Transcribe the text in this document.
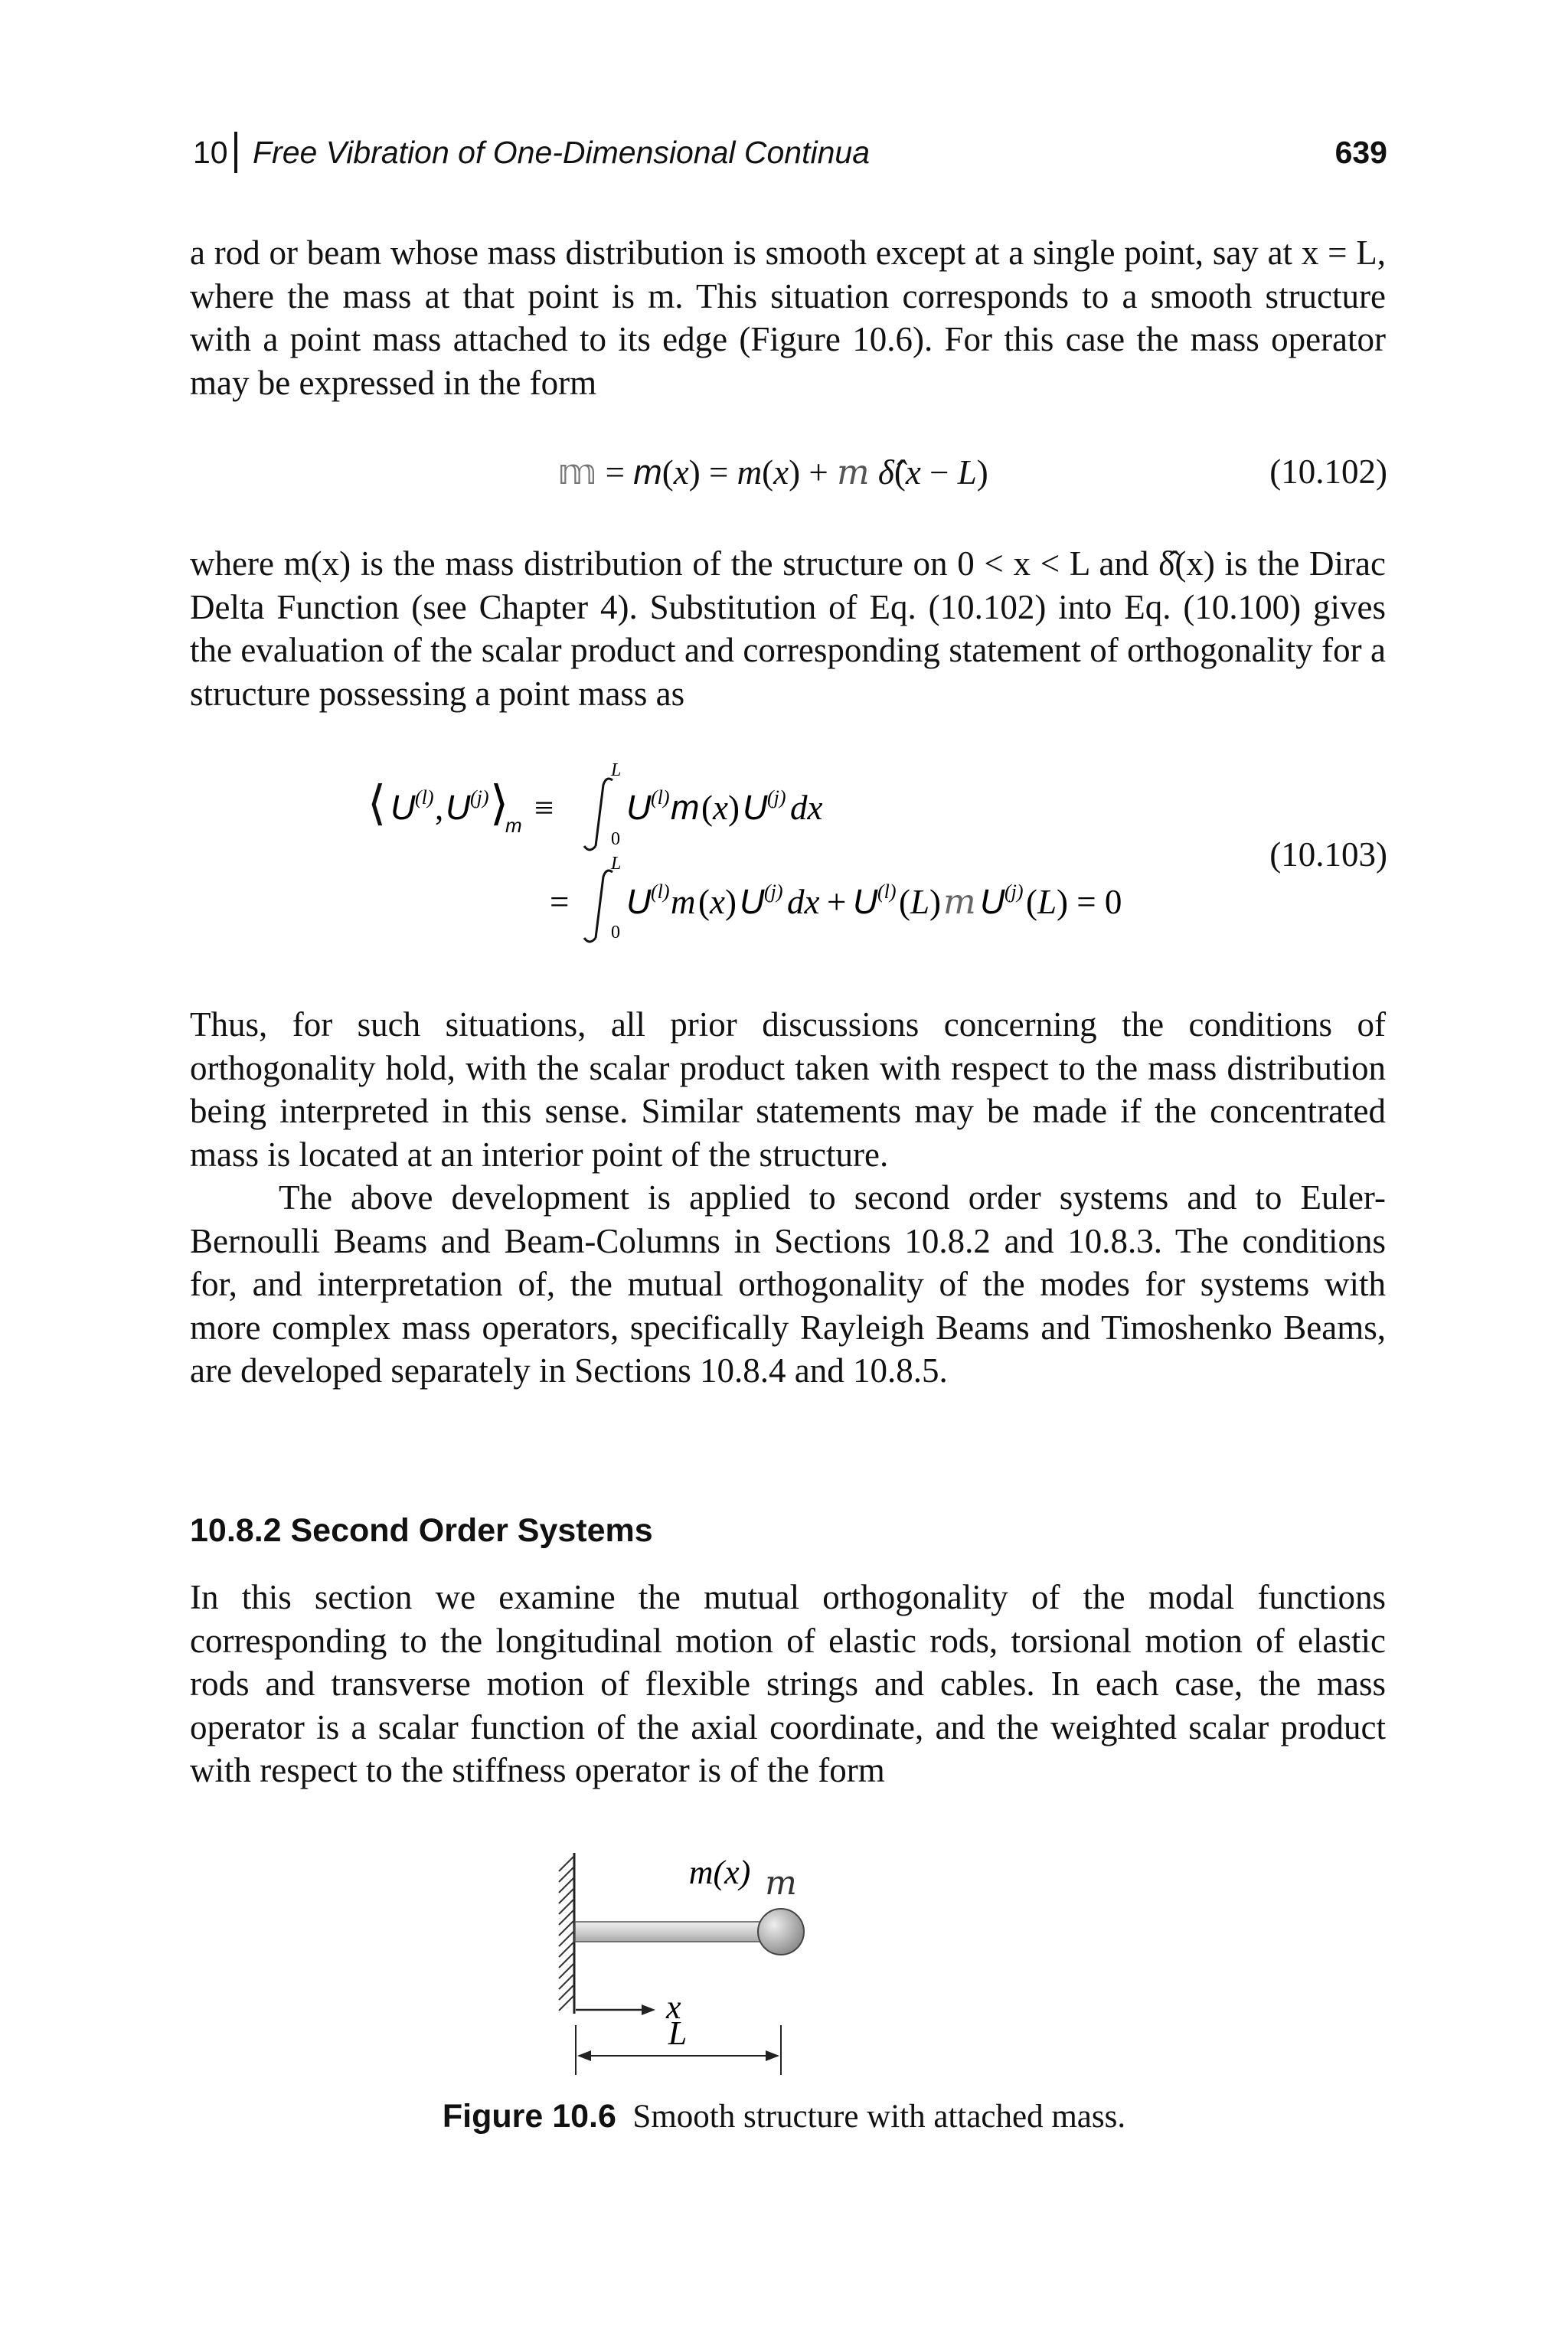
10 Free Vibration of One-Dimensional Continua	639

a rod or beam whose mass distribution is smooth except at a single point, say at x = L, where the mass at that point is m. This situation corresponds to a smooth structure with a point mass attached to its edge (Figure 10.6). For this case the mass operator may be expressed in the form

𝕞 = m(x) = m(x) + m δ̂(x − L)	(10.102)

where m(x) is the mass distribution of the structure on 0 < x < L and δ̂(x) is the Dirac Delta Function (see Chapter 4). Substitution of Eq. (10.102) into Eq. (10.100) gives the evaluation of the scalar product and corresponding statement of orthogonality for a structure possessing a point mass as

⟨ U (l) , U (j) ⟩
m ≡
L
0
U (l) m (x) U (j) dx
L
0
= U (l) m (x) U (j) dx + U (l) (L) m U (j) (L) = 0
(10.103)

Thus, for such situations, all prior discussions concerning the conditions of orthogonality hold, with the scalar product taken with respect to the mass distribution being interpreted in this sense. Similar statements may be made if the concentrated mass is located at an interior point of the structure.

The above development is applied to second order systems and to Euler-Bernoulli Beams and Beam-Columns in Sections 10.8.2 and 10.8.3. The conditions for, and interpretation of, the mutual orthogonality of the modes for systems with more complex mass operators, specifically Rayleigh Beams and Timoshenko Beams, are developed separately in Sections 10.8.4 and 10.8.5.

10.8.2 Second Order Systems

In this section we examine the mutual orthogonality of the modal functions corresponding to the longitudinal motion of elastic rods, torsional motion of elastic rods and transverse motion of flexible strings and cables. In each case, the mass operator is a scalar function of the axial coordinate, and the weighted scalar product with respect to the stiffness operator is of the form

m(x) m
x
L
Figure 10.6 Smooth structure with attached mass.
